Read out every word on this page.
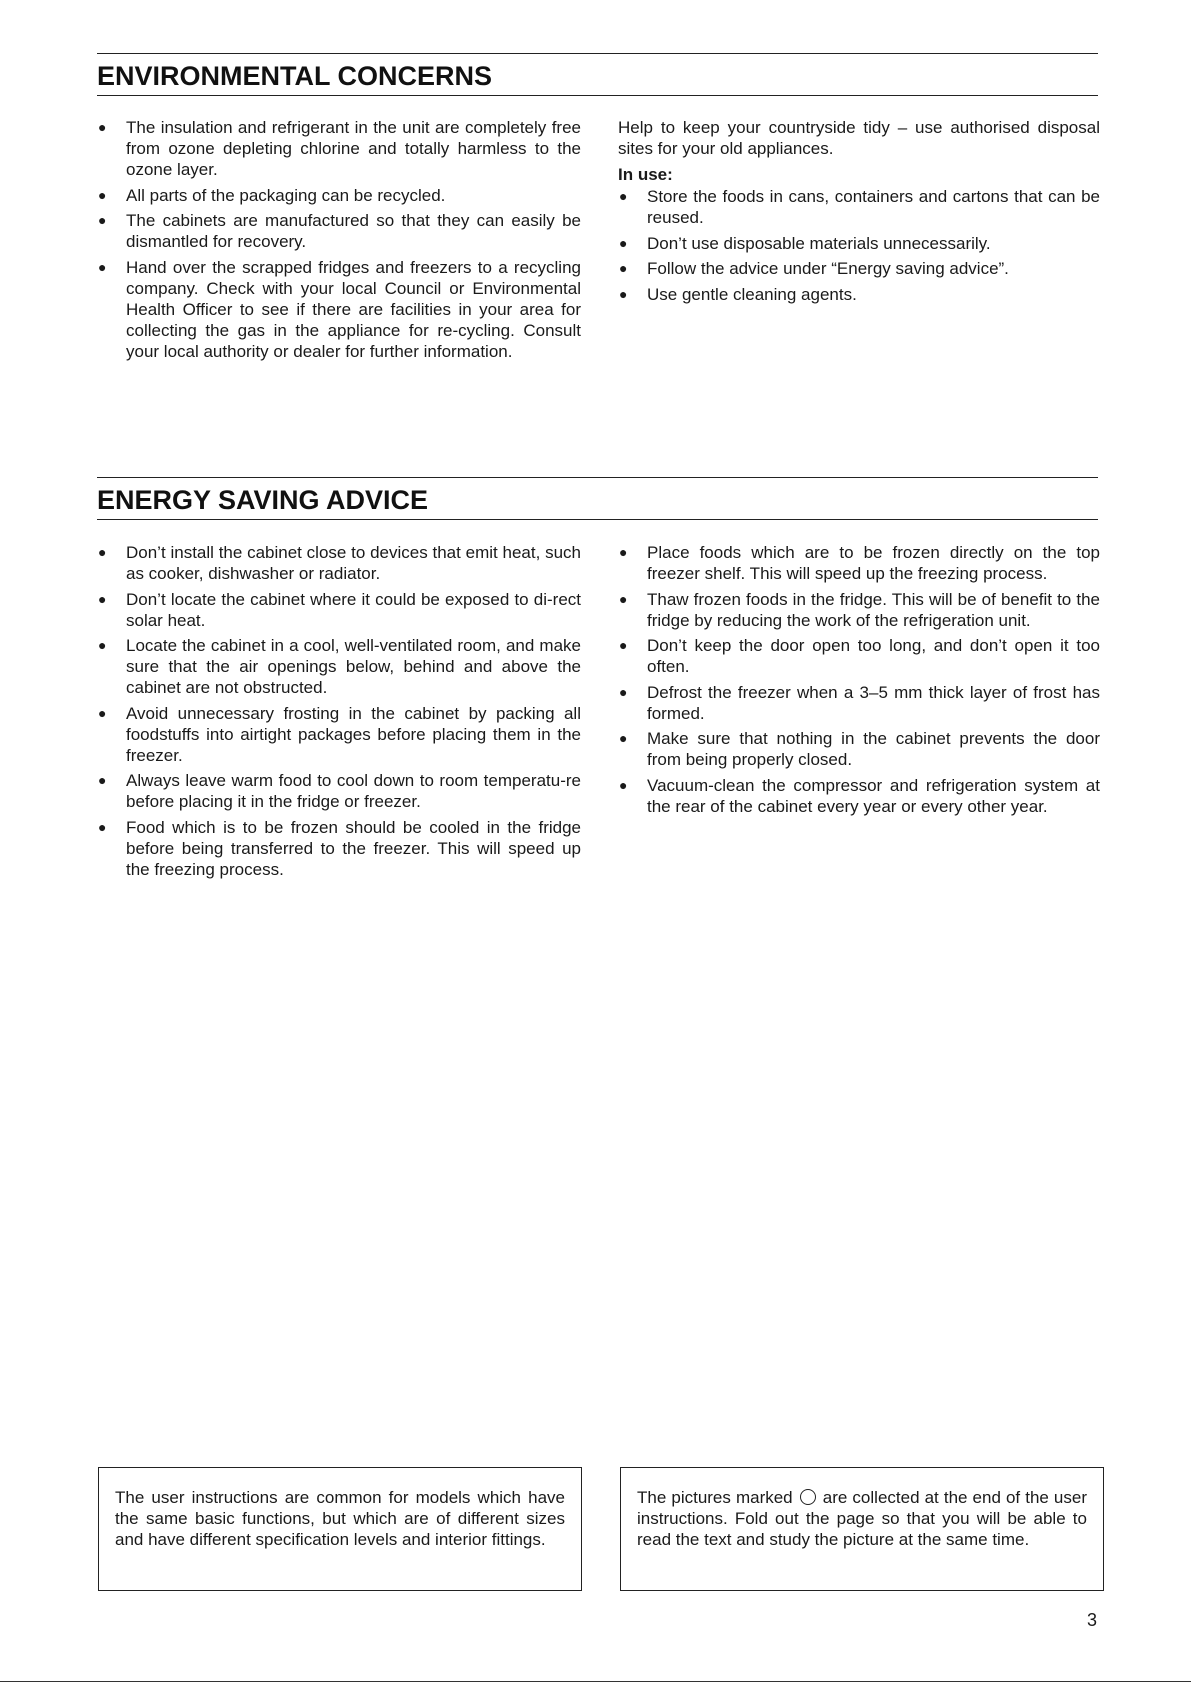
ENVIRONMENTAL CONCERNS
● The insulation and refrigerant in the unit are completely free from ozone depleting chlorine and totally harmless to the ozone layer.
● All parts of the packaging can be recycled.
● The cabinets are manufactured so that they can easily be dismantled for recovery.
● Hand over the scrapped fridges and freezers to a recycling company. Check with your local Council or Environmental Health Officer to see if there are facilities in your area for collecting the gas in the appliance for re-cycling. Consult your local authority or dealer for further information.

Help to keep your countryside tidy – use authorised disposal sites for your old appliances.

In use:
● Store the foods in cans, containers and cartons that can be reused.
● Don’t use disposable materials unnecessarily.
● Follow the advice under “Energy saving advice”.
● Use gentle cleaning agents.
ENERGY SAVING ADVICE
● Don’t install the cabinet close to devices that emit heat, such as cooker, dishwasher or radiator.
● Don’t locate the cabinet where it could be exposed to di-rect solar heat.
● Locate the cabinet in a cool, well-ventilated room, and make sure that the air openings below, behind and above the cabinet are not obstructed.
● Avoid unnecessary frosting in the cabinet by packing all foodstuffs into airtight packages before placing them in the freezer.
● Always leave warm food to cool down to room temperatu-re before placing it in the fridge or freezer.
● Food which is to be frozen should be cooled in the fridge before being transferred to the freezer. This will speed up the freezing process.
● Place foods which are to be frozen directly on the top freezer shelf. This will speed up the freezing process.
● Thaw frozen foods in the fridge. This will be of benefit to the fridge by reducing the work of the refrigeration unit.
● Don’t keep the door open too long, and don’t open it too often.
● Defrost the freezer when a 3–5 mm thick layer of frost has formed.
● Make sure that nothing in the cabinet prevents the door from being properly closed.
● Vacuum-clean the compressor and refrigeration system at the rear of the cabinet every year or every other year.
The user instructions are common for models which have the same basic functions, but which are of different sizes and have different specification levels and interior fittings.
The pictures marked are collected at the end of the user instructions. Fold out the page so that you will be able to read the text and study the picture at the same time.
3
